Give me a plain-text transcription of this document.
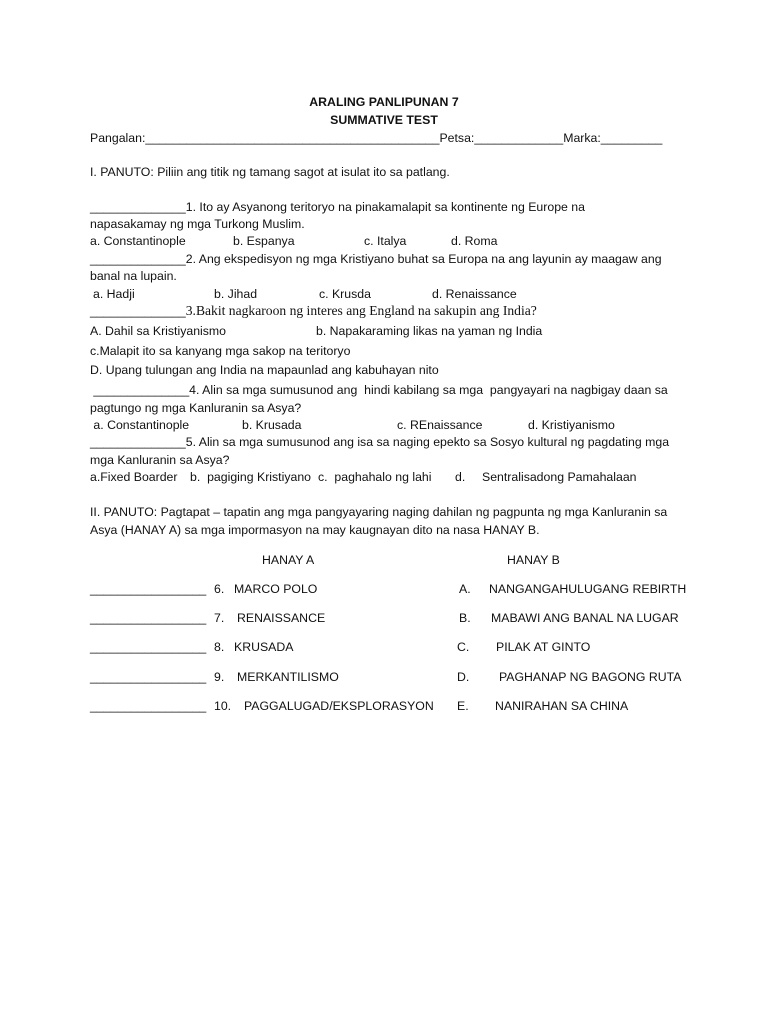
ARALING PANLIPUNAN 7
SUMMATIVE TEST
Pangalan:___________________________________________Petsa:_____________Marka:_________
I. PANUTO: Piliin ang titik ng tamang sagot at isulat ito sa patlang.
______________1. Ito ay Asyanong teritoryo na pinakamalapit sa kontinente ng Europe na
napasakamay ng mga Turkong Muslim.
a. Constantinople	b. Espanya	c. Italya	d. Roma
______________2. Ang ekspedisyon ng mga Kristiyano buhat sa Europa na ang layunin ay maagaw ang
banal na lupain.
a. Hadji	b. Jihad	c. Krusda	d. Renaissance
______________3.Bakit nagkaroon ng interes ang England na sakupin ang India?
A. Dahil sa Kristiyanismo	b. Napakaraming likas na yaman ng India
c.Malapit ito sa kanyang mga sakop na teritoryo
D. Upang tulungan ang India na mapaunlad ang kabuhayan nito
______________4. Alin sa mga sumusunod ang  hindi kabilang sa mga  pangyayari na nagbigay daan sa
pagtungo ng mga Kanluranin sa Asya?
a. Constantinople	b. Krusada	c. REnaissance	d. Kristiyanismo
______________5. Alin sa mga sumusunod ang isa sa naging epekto sa Sosyo kultural ng pagdating mga
mga Kanluranin sa Asya?
a.Fixed Boarder b.  pagiging Kristiyano c.  paghahalo ng lahi d. Sentralisadong Pamahalaan
II. PANUTO: Pagtapat – tapatin ang mga pangyayaring naging dahilan ng pagpunta ng mga Kanluranin sa
Asya (HANAY A) sa mga impormasyon na may kaugnayan dito na nasa HANAY B.
HANAY A	HANAY B
_________________ 6. MARCO POLO	A. NANGANGAHULUGANG REBIRTH
_________________ 7. RENAISSANCE	B. MABAWI ANG BANAL NA LUGAR
_________________ 8. KRUSADA	C. PILAK AT GINTO
_________________ 9. MERKANTILISMO	D. PAGHANAP NG BAGONG RUTA
_________________ 10. PAGGALUGAD/EKSPLORASYON E. NANIRAHAN SA CHINA
